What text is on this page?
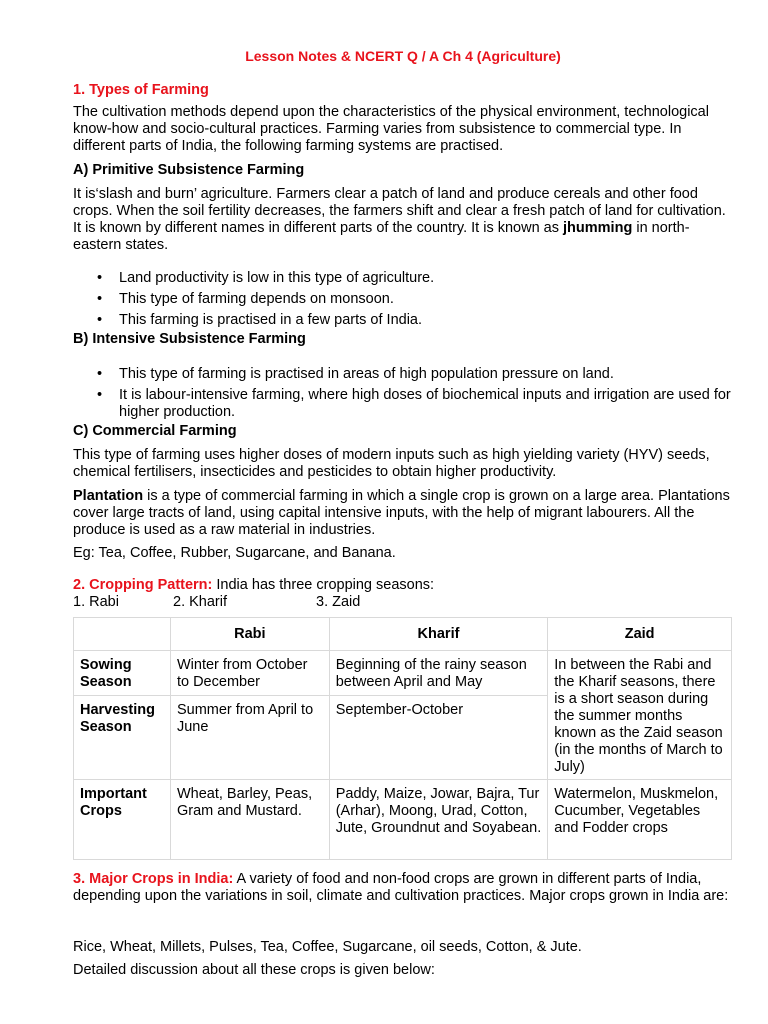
Lesson Notes & NCERT Q / A Ch 4 (Agriculture)
1. Types of Farming

The cultivation methods depend upon the characteristics of the physical environment, technological know-how and socio-cultural practices. Farming varies from subsistence to commercial type. In different parts of India, the following farming systems are practised.

A) Primitive Subsistence Farming

It is‘slash and burn’ agriculture. Farmers clear a patch of land and produce cereals and other food crops. When the soil fertility decreases, the farmers shift and clear a fresh patch of land for cultivation. It is known by different names in different parts of the country. It is known as jhumming in north-eastern states.

• Land productivity is low in this type of agriculture.
• This type of farming depends on monsoon.
• This farming is practised in a few parts of India.
B) Intensive Subsistence Farming
• This type of farming is practised in areas of high population pressure on land.
• It is labour-intensive farming, where high doses of biochemical inputs and irrigation are used for higher production.
C) Commercial Farming

This type of farming uses higher doses of modern inputs such as high yielding variety (HYV) seeds, chemical fertilisers, insecticides and pesticides to obtain higher productivity.

Plantation is a type of commercial farming in which a single crop is grown on a large area. Plantations cover large tracts of land, using capital intensive inputs, with the help of migrant labourers. All the produce is used as a raw material in industries.

Eg: Tea, Coffee, Rubber, Sugarcane, and Banana.

2. Cropping Pattern: India has three cropping seasons:

1. Rabi	2. Kharif	3. Zaid
	Rabi	Kharif	Zaid
Sowing Season	Winter from October to December	Beginning of the rainy season between April and May	In between the Rabi and the Kharif seasons, there is a short season during the summer months known as the Zaid season (in the months of March to July)
Harvesting Season	Summer from April to June	September-October	
Important Crops	Wheat, Barley, Peas, Gram and Mustard.	Paddy, Maize, Jowar, Bajra, Tur (Arhar), Moong, Urad, Cotton, Jute, Groundnut and Soyabean.	Watermelon, Muskmelon, Cucumber, Vegetables and Fodder crops

3. Major Crops in India: A variety of food and non-food crops are grown in different parts of India, depending upon the variations in soil, climate and cultivation practices. Major crops grown in India are:

Rice, Wheat, Millets, Pulses, Tea, Coffee, Sugarcane, oil seeds, Cotton, & Jute.

Detailed discussion about all these crops is given below:
